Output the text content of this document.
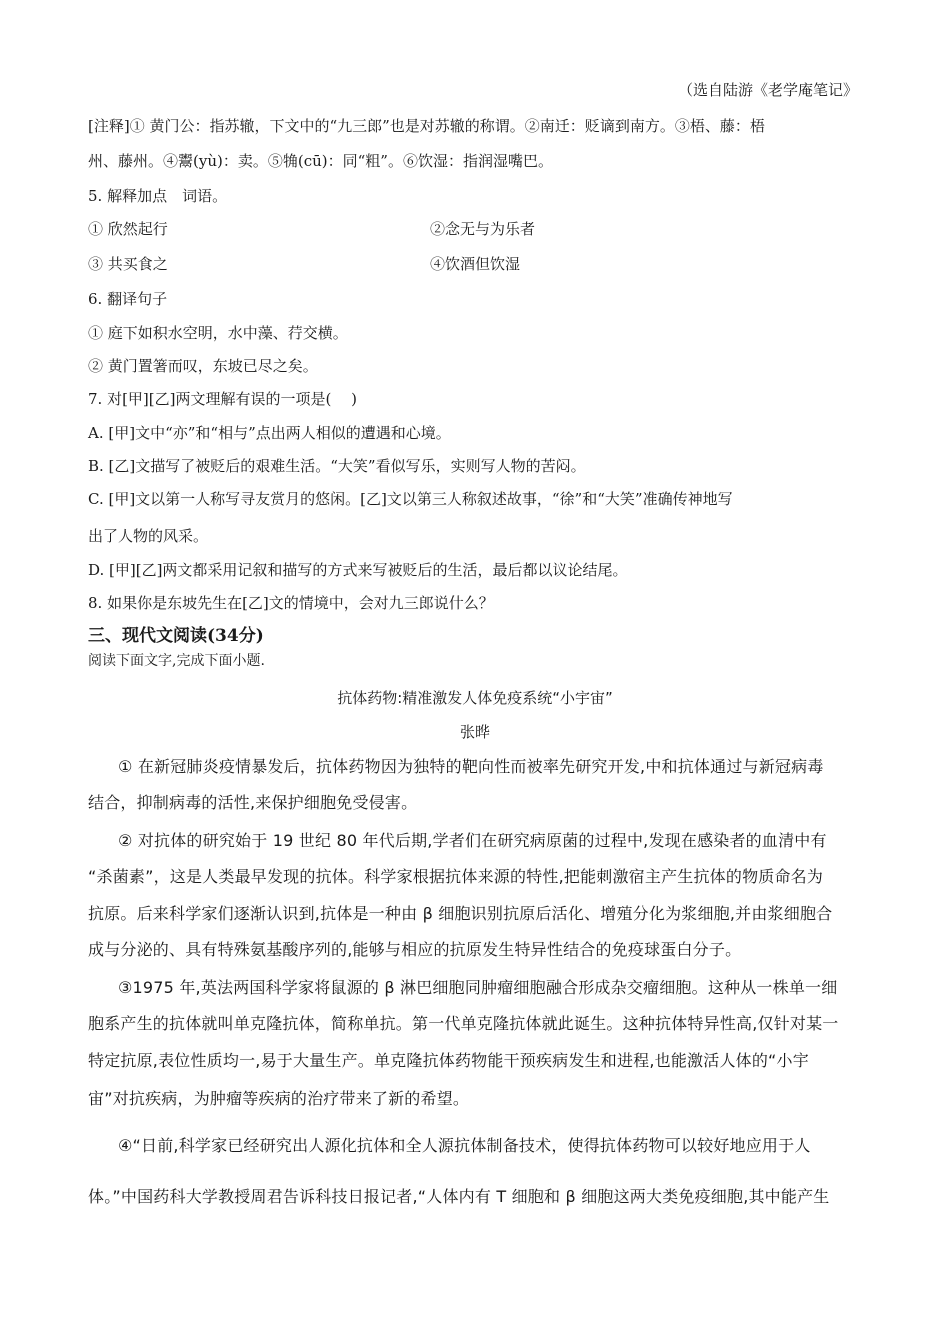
（选自陆游《老学庵笔记》
[注释]① 黄门公：指苏辙，下文中的“九三郎”也是对苏辙的称谓。②南迁：贬谪到南方。③梧、藤：梧
州、藤州。④鬻(yù)：卖。⑤觕(cū)：同“粗”。⑥饮湿：指润湿嘴巴。
5. 解释加点　词语。
① 欣然起行	②念无与为乐者
③ 共买食之	④饮酒但饮湿
6. 翻译句子
① 庭下如积水空明，水中藻、荇交横。
② 黄门置箸而叹，东坡已尽之矣。
7. 对[甲][乙]两文理解有误的一项是(　 )
A. [甲]文中“亦”和“相与”点出两人相似的遭遇和心境。
B. [乙]文描写了被贬后的艰难生活。“大笑”看似写乐，实则写人物的苦闷。
C. [甲]文以第一人称写寻友赏月的悠闲。[乙]文以第三人称叙述故事，“徐”和“大笑”准确传神地写
出了人物的风采。
D. [甲][乙]两文都采用记叙和描写的方式来写被贬后的生活，最后都以议论结尾。
8. 如果你是东坡先生在[乙]文的情境中，会对九三郎说什么？
三、现代文阅读(34分)
阅读下面文字,完成下面小题.
抗体药物:精准激发人体免疫系统“小宇宙”
张晔
① 在新冠肺炎疫情暴发后，抗体药物因为独特的靶向性而被率先研究开发,中和抗体通过与新冠病毒
结合，抑制病毒的活性,来保护细胞免受侵害。
② 对抗体的研究始于 19 世纪 80 年代后期,学者们在研究病原菌的过程中,发现在感染者的血清中有
“杀菌素”，这是人类最早发现的抗体。科学家根据抗体来源的特性,把能刺激宿主产生抗体的物质命名为
抗原。后来科学家们逐渐认识到,抗体是一种由 β 细胞识别抗原后活化、增殖分化为浆细胞,并由浆细胞合
成与分泌的、具有特殊氨基酸序列的,能够与相应的抗原发生特异性结合的免疫球蛋白分子。
③1975 年,英法两国科学家将鼠源的 β 淋巴细胞同肿瘤细胞融合形成杂交瘤细胞。这种从一株单一细
胞系产生的抗体就叫单克隆抗体，简称单抗。第一代单克隆抗体就此诞生。这种抗体特异性高,仅针对某一
特定抗原,表位性质均一,易于大量生产。单克隆抗体药物能干预疾病发生和进程,也能激活人体的“小宇
宙”对抗疾病，为肿瘤等疾病的治疗带来了新的希望。
④“日前,科学家已经研究出人源化抗体和全人源抗体制备技术，使得抗体药物可以较好地应用于人
体。”中国药科大学教授周君告诉科技日报记者,“人体内有 T 细胞和 β 细胞这两大类免疫细胞,其中能产生
